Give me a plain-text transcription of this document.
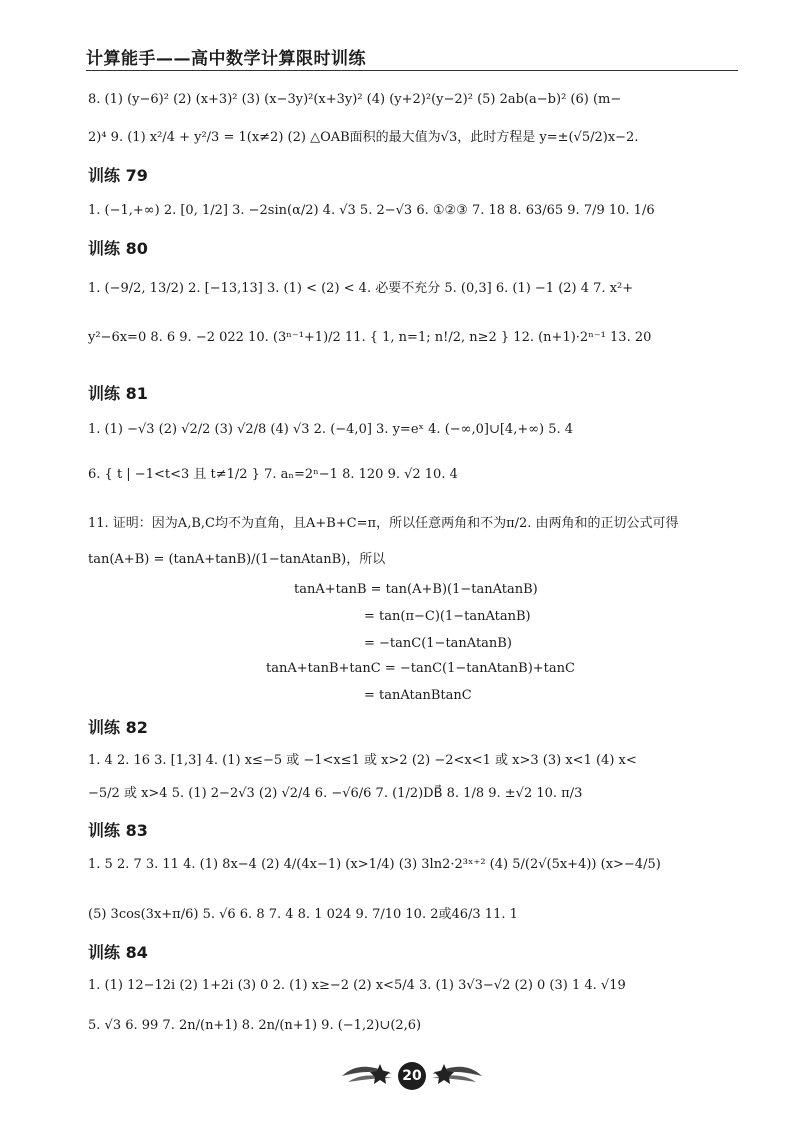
计算能手——高中数学计算限时训练
8. (1) (y−6)² (2) (x+3)² (3) (x−3y)²(x+3y)² (4) (y+2)²(y−2)² (5) 2ab(a−b)² (6) (m−
2)⁴ 9. (1) x²/4 + y²/3 = 1(x≠2) (2) △OAB面积的最大值为√3，此时方程是 y=±(√5/2)x−2.
训练 79
1. (−1,+∞) 2. [0, 1/2] 3. −2sin(α/2) 4. √3 5. 2−√3 6. ①②③ 7. 18 8. 63/65 9. 7/9 10. 1/6
训练 80
1. (−9/2, 13/2) 2. [−13,13] 3. (1) < (2) < 4. 必要不充分 5. (0,3] 6. (1) −1 (2) 4 7. x²+
y²−6x=0 8. 6 9. −2 022 10. (3ⁿ⁻¹+1)/2 11. { 1, n=1; n!/2, n≥2 } 12. (n+1)·2ⁿ⁻¹ 13. 20
训练 81
1. (1) −√3 (2) √2/2 (3) √2/8 (4) √3 2. (−4,0] 3. y=eˣ 4. (−∞,0]∪[4,+∞) 5. 4
6. { t | −1<t<3 且 t≠1/2 } 7. aₙ=2ⁿ−1 8. 120 9. √2 10. 4
11. 证明：因为A,B,C均不为直角，且A+B+C=π，所以任意两角和不为π/2. 由两角和的正切公式可得
tan(A+B) = (tanA+tanB)/(1−tanAtanB)，所以
tanA+tanB = tan(A+B)(1−tanAtanB)
= tan(π−C)(1−tanAtanB)
= −tanC(1−tanAtanB)
tanA+tanB+tanC = −tanC(1−tanAtanB)+tanC
= tanAtanBtanC
训练 82
1. 4 2. 16 3. [1,3] 4. (1) x≤−5 或 −1<x≤1 或 x>2 (2) −2<x<1 或 x>3 (3) x<1 (4) x<
−5/2 或 x>4 5. (1) 2−2√3 (2) √2/4 6. −√6/6 7. (1/2)DB⃗ 8. 1/8 9. ±√2 10. π/3
训练 83
1. 5 2. 7 3. 11 4. (1) 8x−4 (2) 4/(4x−1) (x>1/4) (3) 3ln2·2³ˣ⁺² (4) 5/(2√(5x+4)) (x>−4/5)
(5) 3cos(3x+π/6) 5. √6 6. 8 7. 4 8. 1 024 9. 7/10 10. 2或46/3 11. 1
训练 84
1. (1) 12−12i (2) 1+2i (3) 0 2. (1) x≥−2 (2) x<5/4 3. (1) 3√3−√2 (2) 0 (3) 1 4. √19
5. √3 6. 99 7. 2n/(n+1) 8. 2n/(n+1) 9. (−1,2)∪(2,6)
20
